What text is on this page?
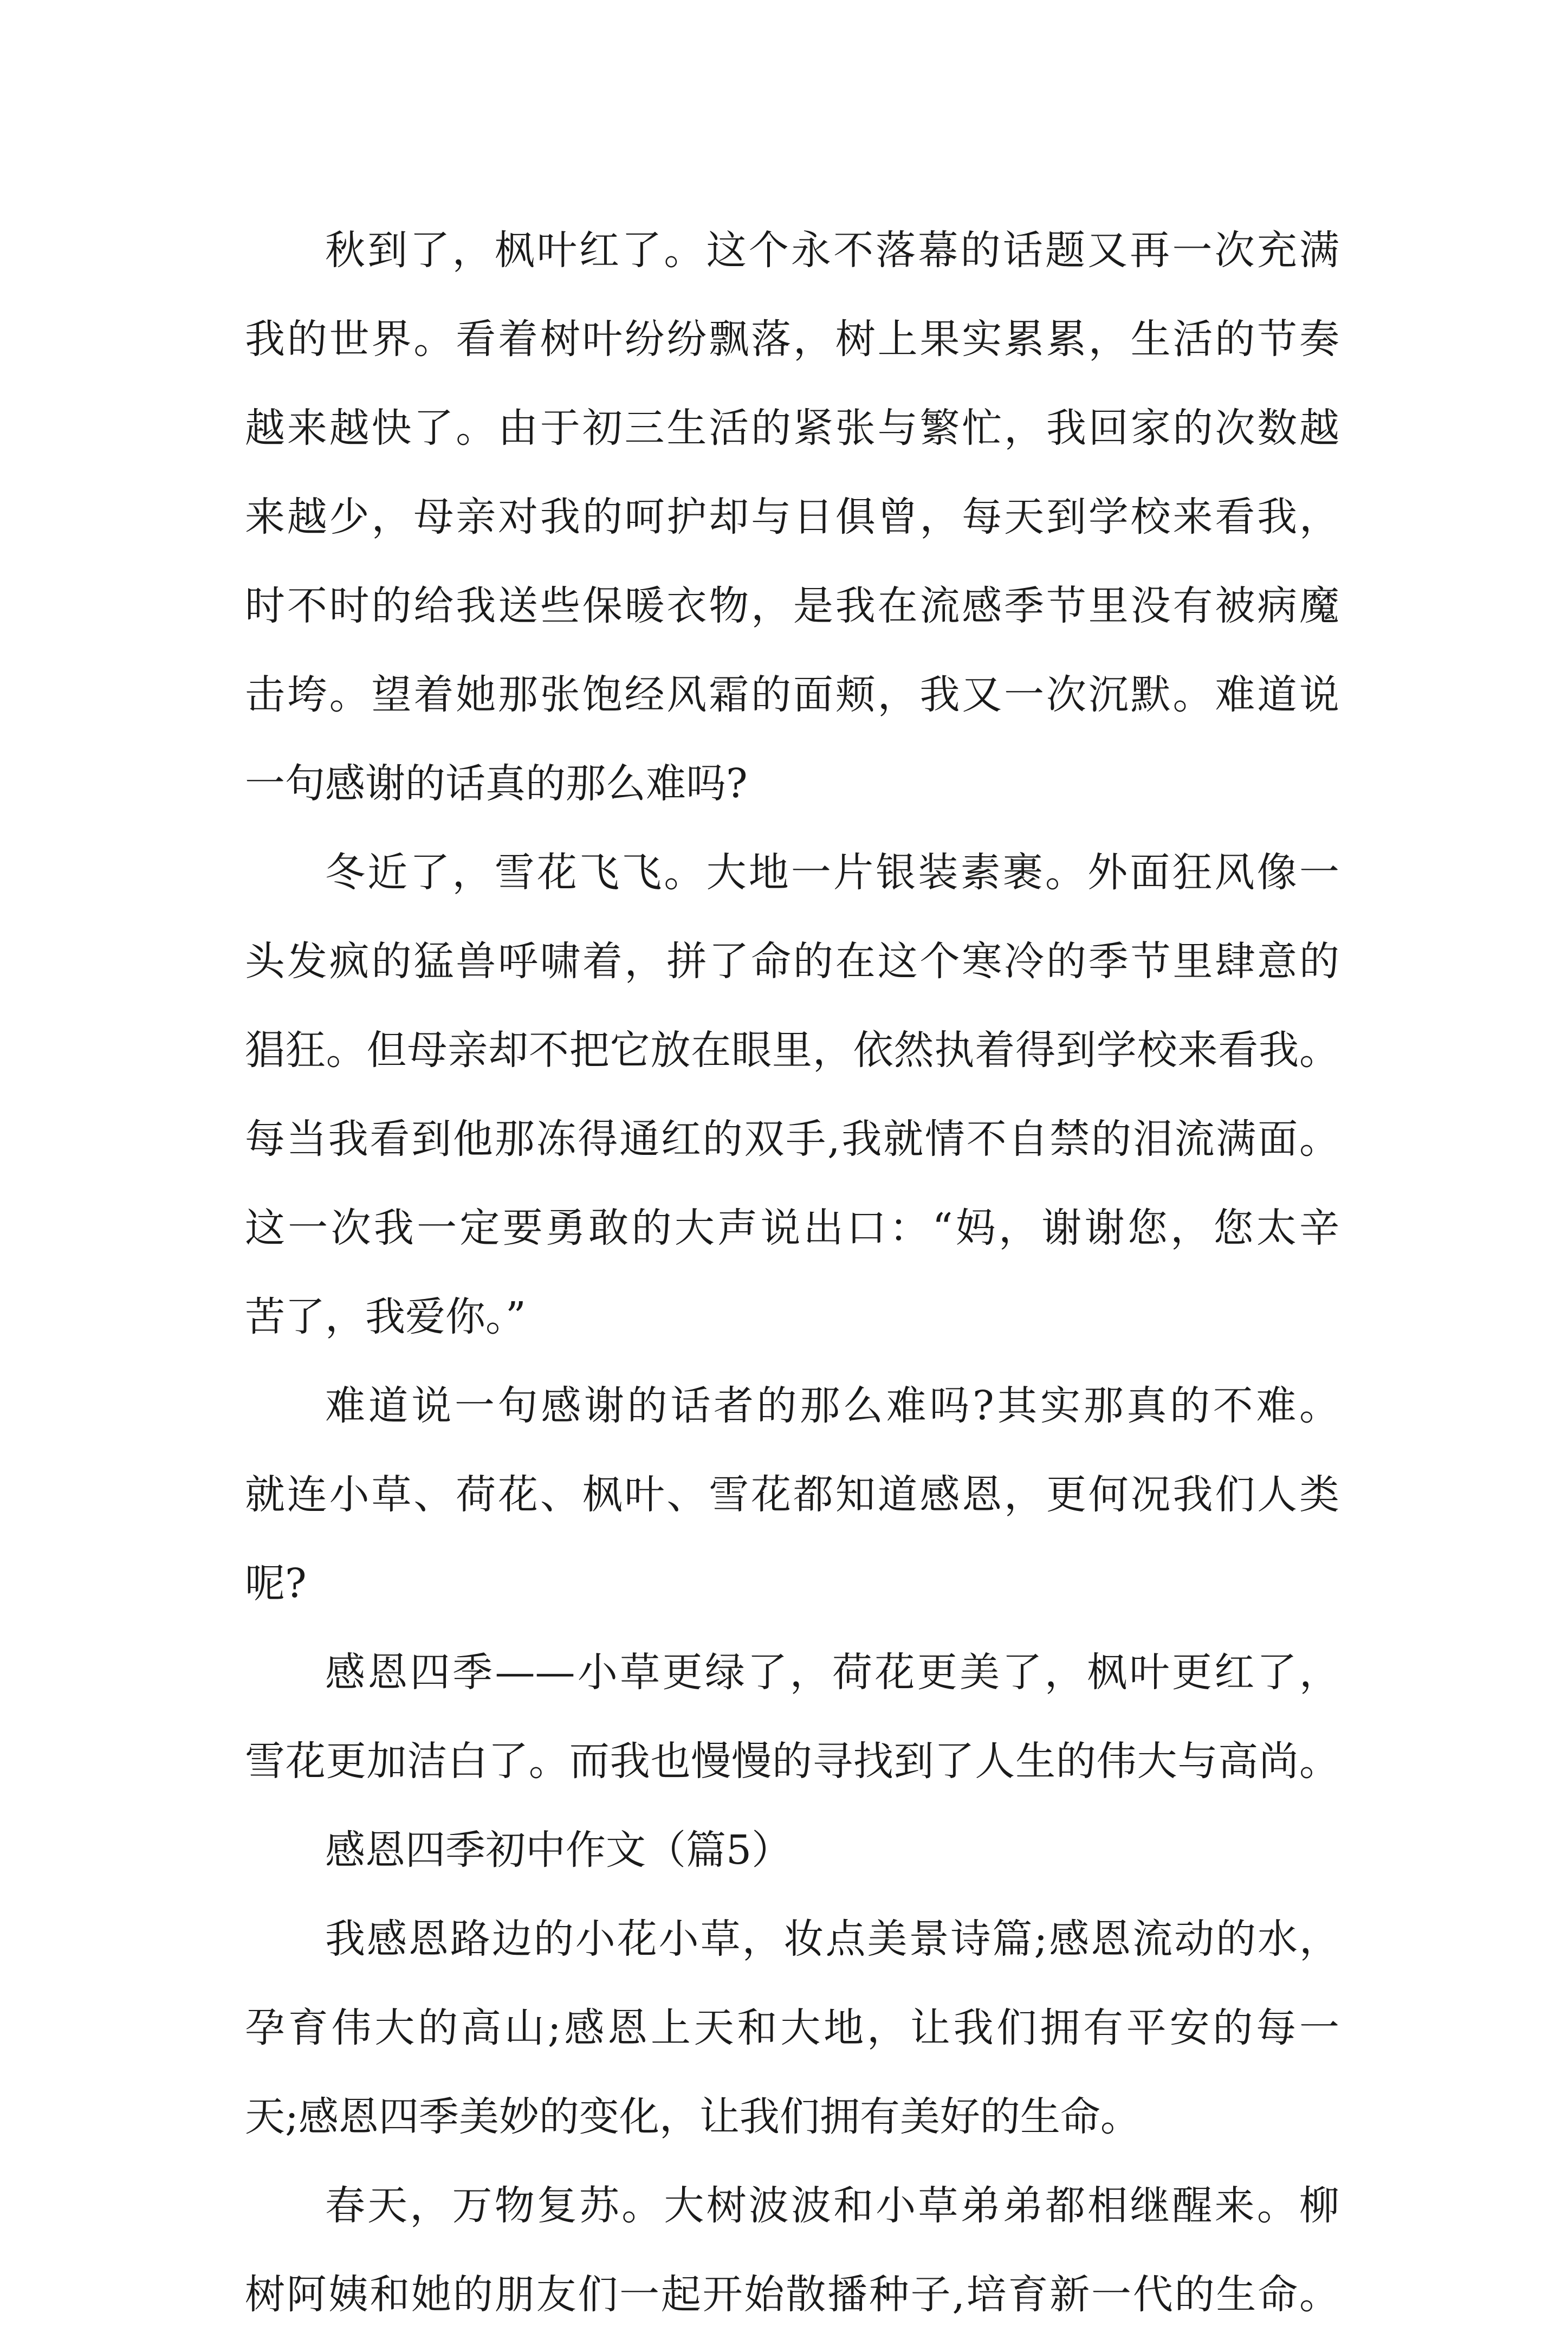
秋到了，枫叶红了。这个永不落幕的话题又再一次充满
我的世界。看着树叶纷纷飘落，树上果实累累，生活的节奏
越来越快了。由于初三生活的紧张与繁忙，我回家的次数越
来越少，母亲对我的呵护却与日俱曾，每天到学校来看我，
时不时的给我送些保暖衣物，是我在流感季节里没有被病魔
击垮。望着她那张饱经风霜的面颊，我又一次沉默。难道说
一句感谢的话真的那么难吗?
冬近了，雪花飞飞。大地一片银装素裹。外面狂风像一
头发疯的猛兽呼啸着，拼了命的在这个寒冷的季节里肆意的
猖狂。但母亲却不把它放在眼里，依然执着得到学校来看我。
每当我看到他那冻得通红的双手,我就情不自禁的泪流满面。
这一次我一定要勇敢的大声说出口：“妈，谢谢您，您太辛
苦了，我爱你。”
难道说一句感谢的话者的那么难吗?其实那真的不难。
就连小草、荷花、枫叶、雪花都知道感恩，更何况我们人类
呢?
感恩四季——小草更绿了，荷花更美了，枫叶更红了，
雪花更加洁白了。而我也慢慢的寻找到了人生的伟大与高尚。
感恩四季初中作文（篇5）
我感恩路边的小花小草，妆点美景诗篇;感恩流动的水，
孕育伟大的高山;感恩上天和大地，让我们拥有平安的每一
天;感恩四季美妙的变化，让我们拥有美好的生命。
春天，万物复苏。大树波波和小草弟弟都相继醒来。柳
树阿姨和她的朋友们一起开始散播种子,培育新一代的生命。
